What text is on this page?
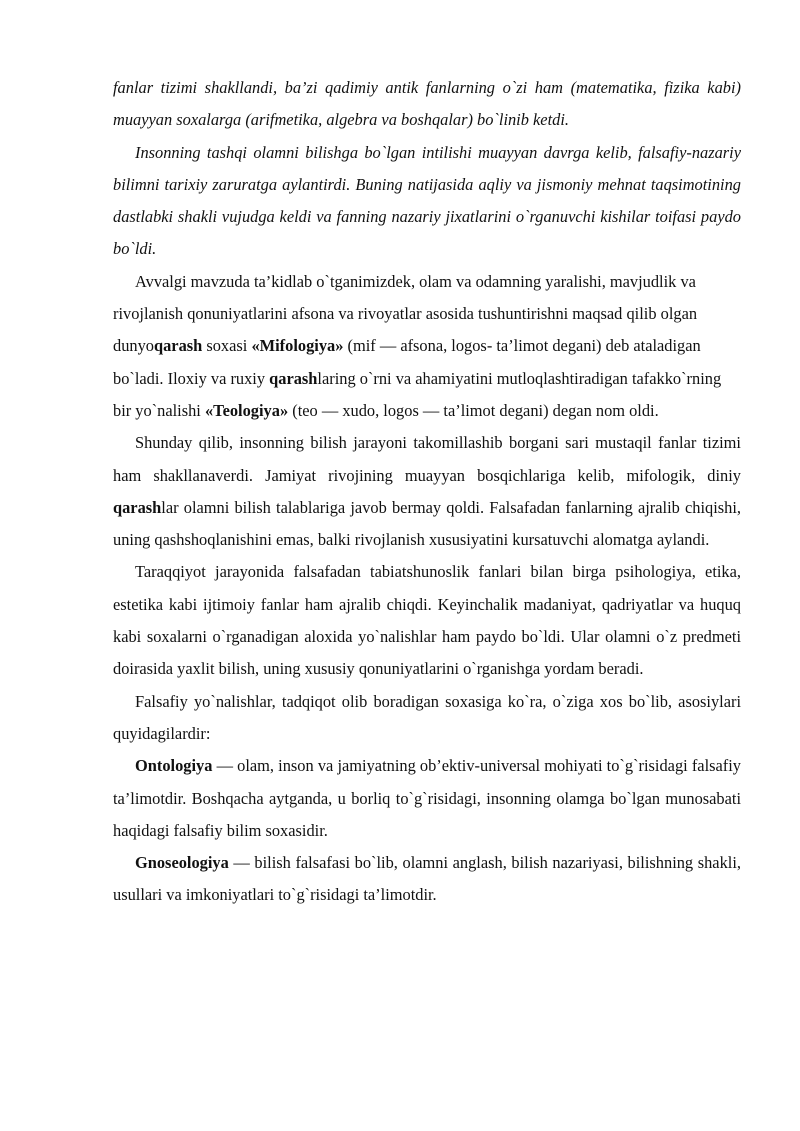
fanlar tizimi shakllandi, ba’zi qadimiy antik fanlarning o`zi ham (matematika, fizika kabi) muayyan soxalarga (arifmetika, algebra va boshqalar) bo`linib ketdi.

Insonning tashqi olamni bilishga bo`lgan intilishi muayyan davrga kelib, falsafiy-nazariy bilimni tarixiy zaruratga aylantirdi. Buning natijasida aqliy va jismoniy mehnat taqsimotining dastlabki shakli vujudga keldi va fanning nazariy jixatlarini o`rganuvchi kishilar toifasi paydo bo`ldi.

Avvalgi mavzuda ta’kidlab o`tganimizdek, olam va odamning yaralishi, mavjudlik va rivojlanish qonuniyatlarini afsona va rivoyatlar asosida tushuntirishni maqsad qilib olgan dunyoqarash soxasi «Mifologiya» (mif — afsona, logos- ta’limot degani) deb ataladigan bo`ladi. Iloxiy va ruxiy qarashlaring o`rni va ahamiyatini mutloqlashtiradigan tafakko`rning bir yo`nalishi «Teologiya» (teo — xudo, logos — ta’limot degani) degan nom oldi.

Shunday qilib, insonning bilish jarayoni takomillashib borgani sari mustaqil fanlar tizimi ham shakllanaverdi. Jamiyat rivojining muayyan bosqichlariga kelib, mifologik, diniy qarashlar olamni bilish talablariga javob bermay qoldi. Falsafadan fanlarning ajralib chiqishi, uning qashshoqlanishini emas, balki rivojlanish xususiyatini kursatuvchi alomatga aylandi.

Taraqqiyot jarayonida falsafadan tabiatshunoslik fanlari bilan birga psihologiya, etika, estetika kabi ijtimoiy fanlar ham ajralib chiqdi. Keyinchalik madaniyat, qadriyatlar va huquq kabi soxalarni o`rganadigan aloxida yo`nalishlar ham paydo bo`ldi. Ular olamni o`z predmeti doirasida yaxlit bilish, uning xususiy qonuniyatlarini o`rganishga yordam beradi.

Falsafiy yo`nalishlar, tadqiqot olib boradigan soxasiga ko`ra, o`ziga xos bo`lib, asosiylari quyidagilardir:

Ontologiya — olam, inson va jamiyatning ob’ektiv-universal mohiyati to`g`risidagi falsafiy ta’limotdir. Boshqacha aytganda, u borliq to`g`risidagi, insonning olamga bo`lgan munosabati haqidagi falsafiy bilim soxasidir.

Gnoseologiya — bilish falsafasi bo`lib, olamni anglash, bilish nazariyasi, bilishning shakli, usullari va imkoniyatlari to`g`risidagi ta’limotdir.
